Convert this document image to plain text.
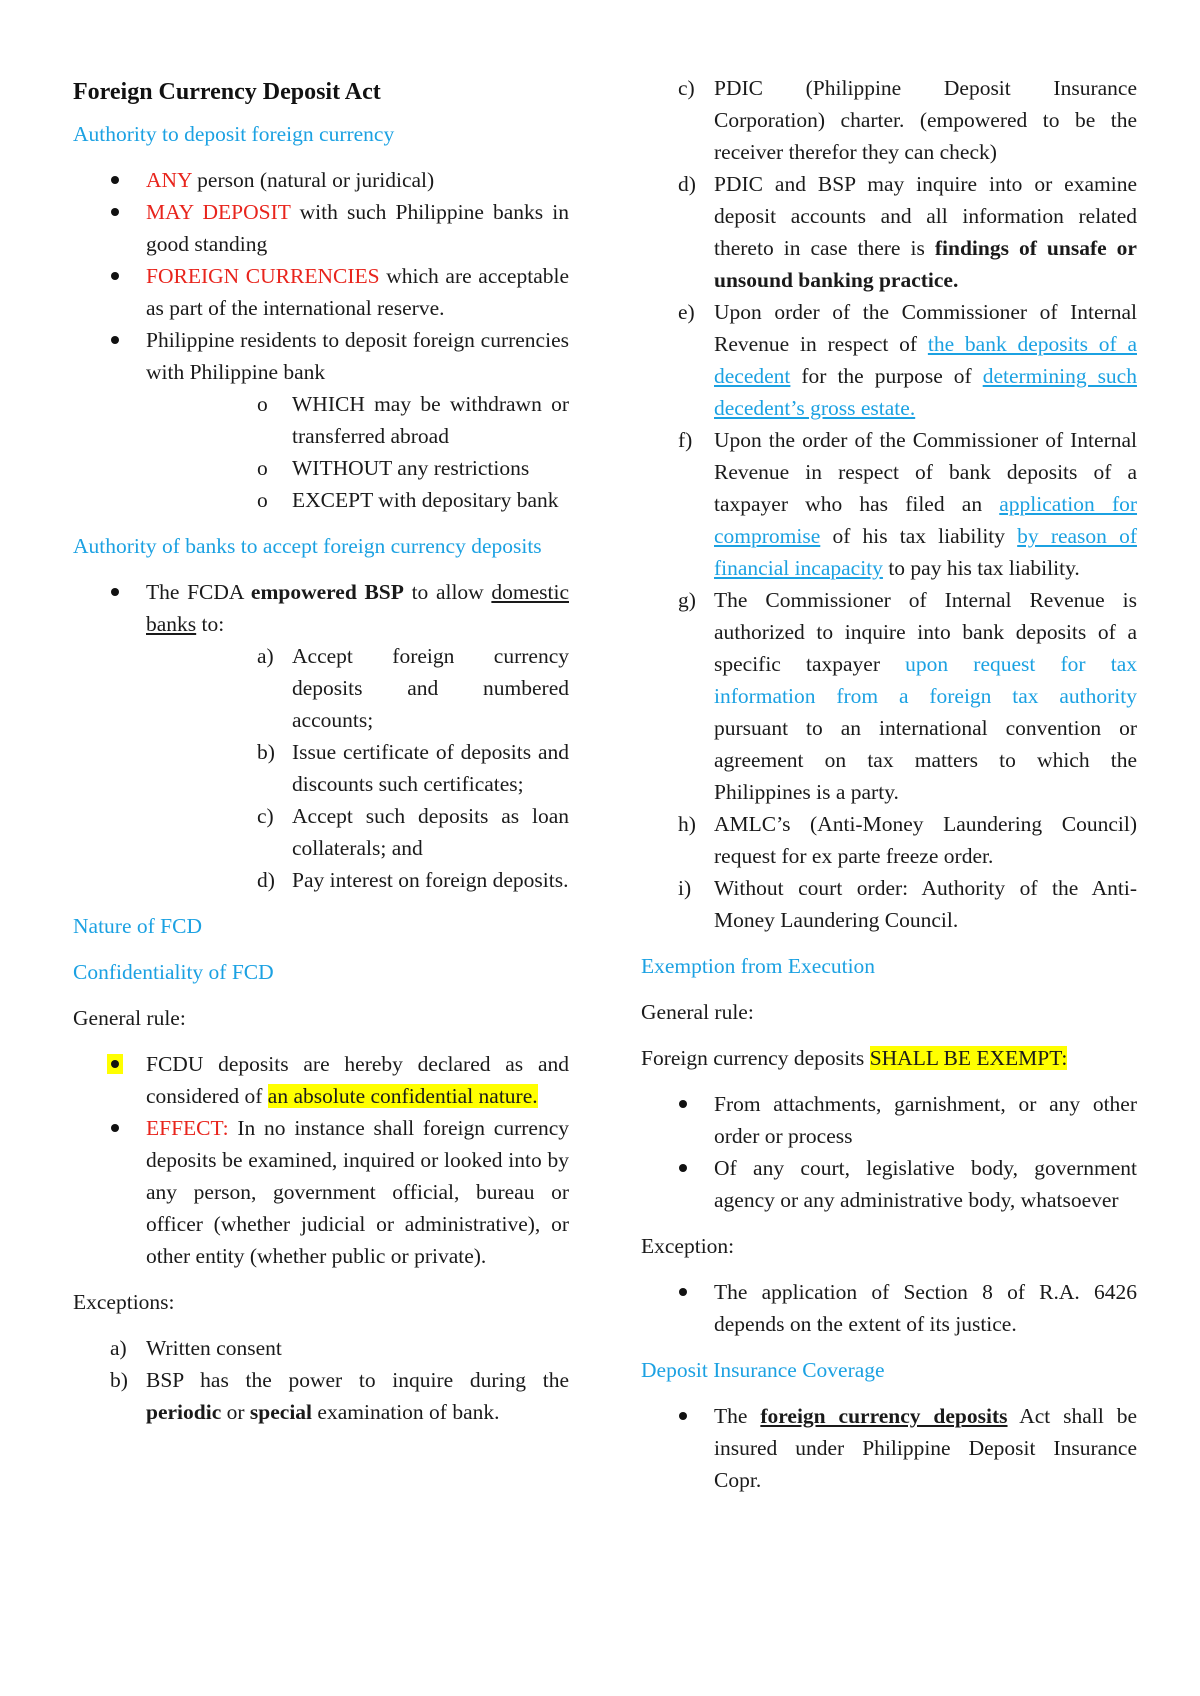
Foreign Currency Deposit Act

Authority to deposit foreign currency

ANY person (natural or juridical)
MAY DEPOSIT with such Philippine banks in good standing
FOREIGN CURRENCIES which are acceptable as part of the international reserve.
Philippine residents to deposit foreign currencies with Philippine bank
o WHICH may be withdrawn or transferred abroad
o WITHOUT any restrictions
o EXCEPT with depositary bank

Authority of banks to accept foreign currency deposits

The FCDA empowered BSP to allow domestic banks to:
a) Accept foreign currency deposits and numbered accounts;
b) Issue certificate of deposits and discounts such certificates;
c) Accept such deposits as loan collaterals; and
d) Pay interest on foreign deposits.

Nature of FCD

Confidentiality of FCD

General rule:

FCDU deposits are hereby declared as and considered of an absolute confidential nature.
EFFECT: In no instance shall foreign currency deposits be examined, inquired or looked into by any person, government official, bureau or officer (whether judicial or administrative), or other entity (whether public or private).

Exceptions:

a) Written consent
b) BSP has the power to inquire during the periodic or special examination of bank.
c) PDIC (Philippine Deposit Insurance Corporation) charter. (empowered to be the receiver therefor they can check)
d) PDIC and BSP may inquire into or examine deposit accounts and all information related thereto in case there is findings of unsafe or unsound banking practice.
e) Upon order of the Commissioner of Internal Revenue in respect of the bank deposits of a decedent for the purpose of determining such decedent’s gross estate.
f) Upon the order of the Commissioner of Internal Revenue in respect of bank deposits of a taxpayer who has filed an application for compromise of his tax liability by reason of financial incapacity to pay his tax liability.
g) The Commissioner of Internal Revenue is authorized to inquire into bank deposits of a specific taxpayer upon request for tax information from a foreign tax authority pursuant to an international convention or agreement on tax matters to which the Philippines is a party.
h) AMLC’s (Anti-Money Laundering Council) request for ex parte freeze order.
i) Without court order: Authority of the Anti-Money Laundering Council.

Exemption from Execution

General rule:

Foreign currency deposits SHALL BE EXEMPT:

From attachments, garnishment, or any other order or process
Of any court, legislative body, government agency or any administrative body, whatsoever

Exception:

The application of Section 8 of R.A. 6426 depends on the extent of its justice.

Deposit Insurance Coverage

The foreign currency deposits Act shall be insured under Philippine Deposit Insurance Copr.
